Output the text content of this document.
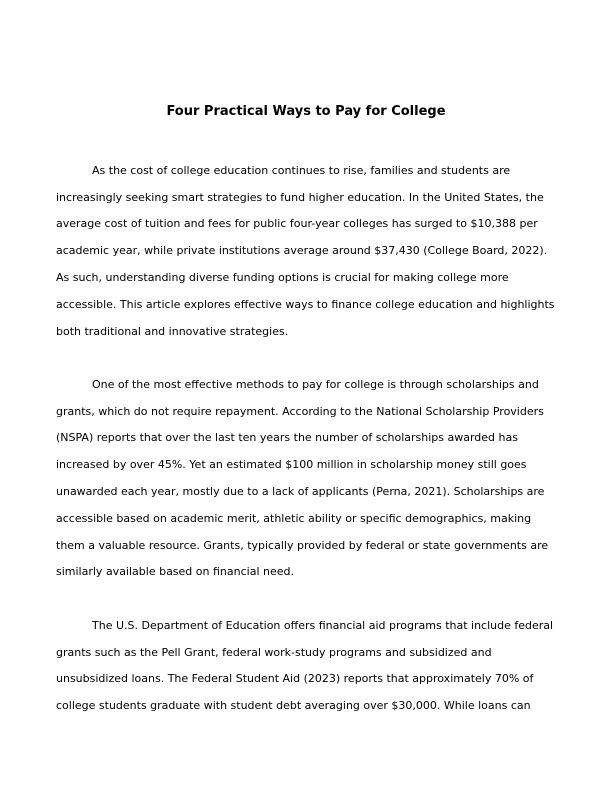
Four Practical Ways to Pay for College
As the cost of college education continues to rise, families and students are
increasingly seeking smart strategies to fund higher education. In the United States, the
average cost of tuition and fees for public four-year colleges has surged to $10,388 per
academic year, while private institutions average around $37,430 (College Board, 2022).
As such, understanding diverse funding options is crucial for making college more
accessible. This article explores effective ways to finance college education and highlights
both traditional and innovative strategies.
One of the most effective methods to pay for college is through scholarships and
grants, which do not require repayment. According to the National Scholarship Providers
(NSPA) reports that over the last ten years the number of scholarships awarded has
increased by over 45%. Yet an estimated $100 million in scholarship money still goes
unawarded each year, mostly due to a lack of applicants (Perna, 2021). Scholarships are
accessible based on academic merit, athletic ability or specific demographics, making
them a valuable resource. Grants, typically provided by federal or state governments are
similarly available based on financial need.
The U.S. Department of Education offers financial aid programs that include federal
grants such as the Pell Grant, federal work-study programs and subsidized and
unsubsidized loans. The Federal Student Aid (2023) reports that approximately 70% of
college students graduate with student debt averaging over $30,000. While loans can
